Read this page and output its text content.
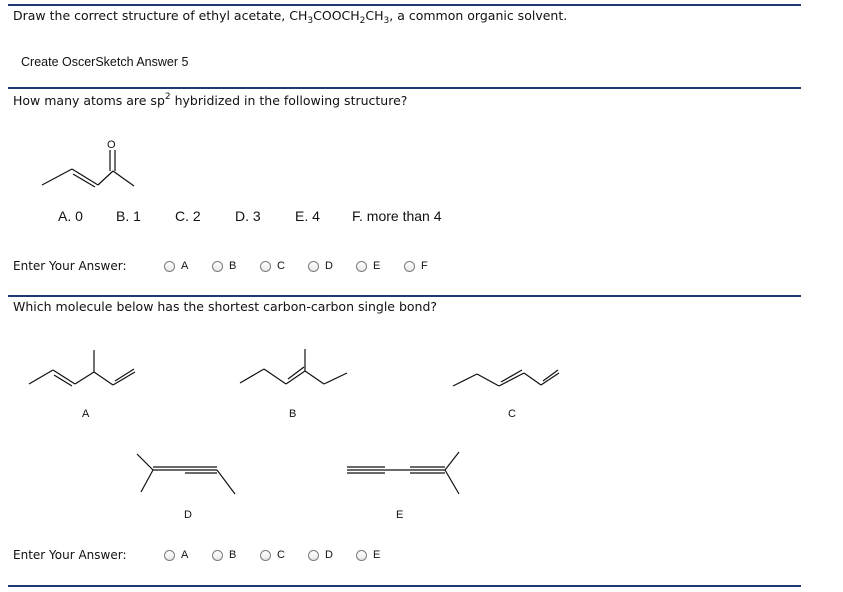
Draw the correct structure of ethyl acetate, $CH_3COOCH_2CH_3$, a common organic solvent.
Create OscerSketch Answer 5
How many atoms are $sp^2$ hybridized in the following structure?
O
A. 0 B. 1 C. 2 D. 3 E. 4 F. more than 4
Enter Your Answer:	A	B	C	D	E	F
Which molecule below has the shortest carbon-carbon single bond?
A	B	C
D	E
Enter Your Answer:	A	B	C	D	E
